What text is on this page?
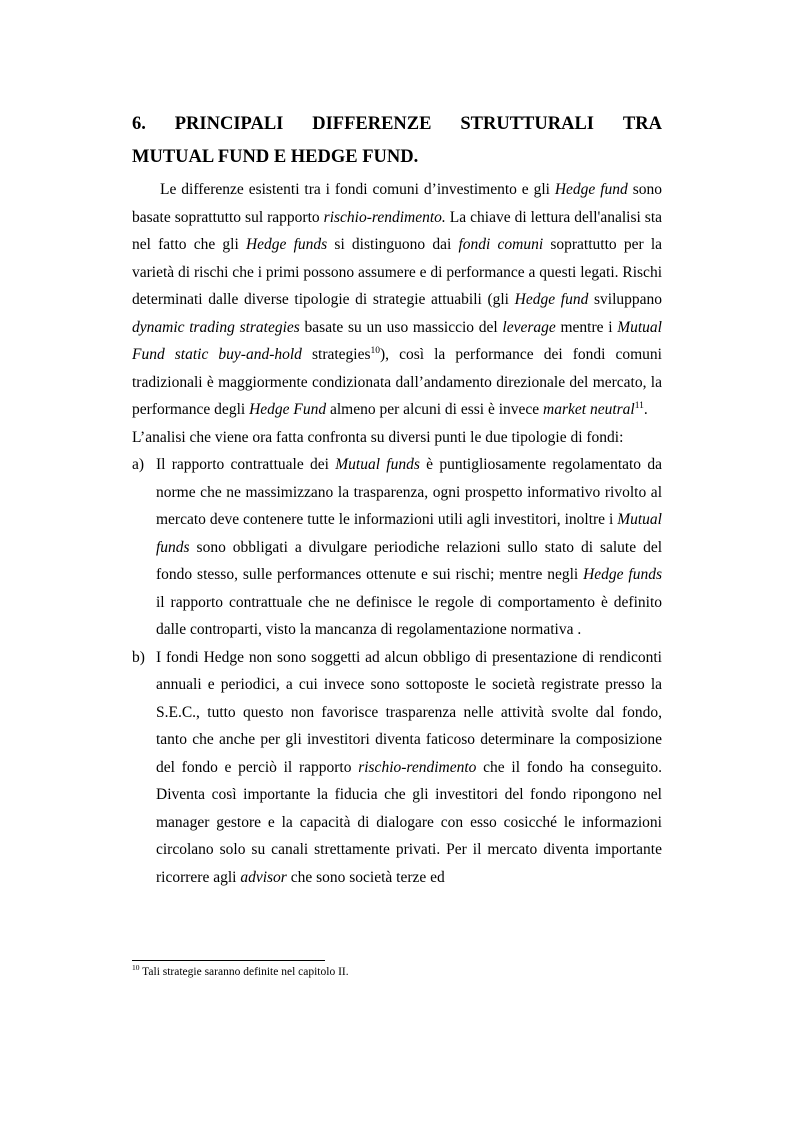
6. PRINCIPALI DIFFERENZE STRUTTURALI TRA
MUTUAL FUND E HEDGE FUND.

Le differenze esistenti tra i fondi comuni d’investimento e gli Hedge fund sono basate soprattutto sul rapporto rischio-rendimento. La chiave di lettura dell'analisi sta nel fatto che gli Hedge funds si distinguono dai fondi comuni soprattutto per la varietà di rischi che i primi possono assumere e di performance a questi legati. Rischi determinati dalle diverse tipologie di strategie attuabili (gli Hedge fund sviluppano dynamic trading strategies basate su un uso massiccio del leverage mentre i Mutual Fund static buy-and-hold strategies$^{10}$), così la performance dei fondi comuni tradizionali è maggiormente condizionata dall’andamento direzionale del mercato, la performance degli Hedge Fund almeno per alcuni di essi è invece market neutral$^{11}$.

L’analisi che viene ora fatta confronta su diversi punti le due tipologie di fondi:

a) Il rapporto contrattuale dei Mutual funds è puntigliosamente regolamentato da norme che ne massimizzano la trasparenza, ogni prospetto informativo rivolto al mercato deve contenere tutte le informazioni utili agli investitori, inoltre i Mutual funds sono obbligati a divulgare periodiche relazioni sullo stato di salute del fondo stesso, sulle performances ottenute e sui rischi; mentre negli Hedge funds il rapporto contrattuale che ne definisce le regole di comportamento è definito dalle controparti, visto la mancanza di regolamentazione normativa .
b) I fondi Hedge non sono soggetti ad alcun obbligo di presentazione di rendiconti annuali e periodici, a cui invece sono sottoposte le società registrate presso la S.E.C., tutto questo non favorisce trasparenza nelle attività svolte dal fondo, tanto che anche per gli investitori diventa faticoso determinare la composizione del fondo e perciò il rapporto rischio-rendimento che il fondo ha conseguito. Diventa così importante la fiducia che gli investitori del fondo ripongono nel manager gestore e la capacità di dialogare con esso cosicché le informazioni circolano solo su canali strettamente privati. Per il mercato diventa importante ricorrere agli advisor che sono società terze ed
$^{10}$ Tali strategie saranno definite nel capitolo II.
